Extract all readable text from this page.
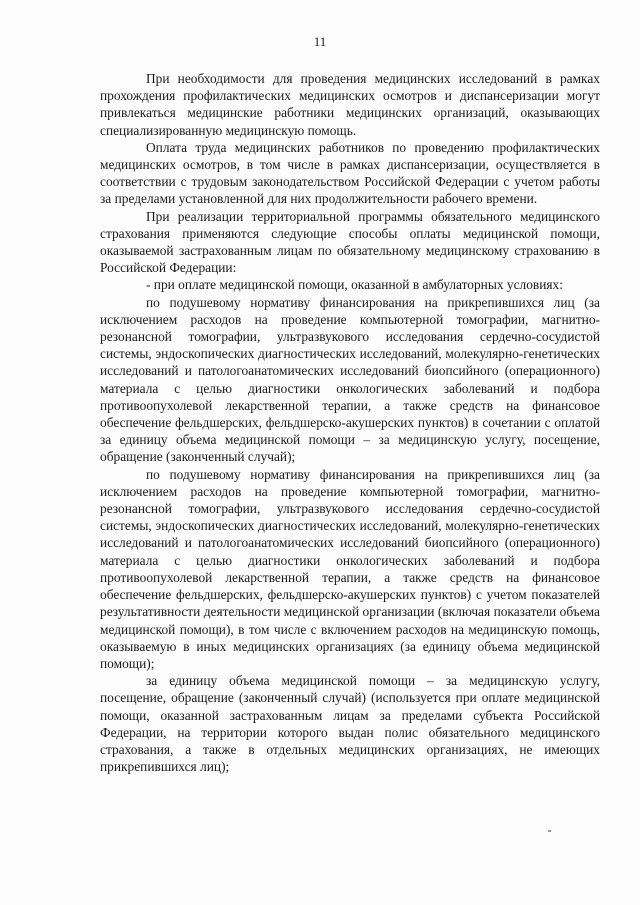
11

При необходимости для проведения медицинских исследований в рамках прохождения профилактических медицинских осмотров и диспансеризации могут привлекаться медицинские работники медицинских организаций, оказывающих специализированную медицинскую помощь.

Оплата труда медицинских работников по проведению профилактических медицинских осмотров, в том числе в рамках диспансеризации, осуществляется в соответствии с трудовым законодательством Российской Федерации с учетом работы за пределами установленной для них продолжительности рабочего времени.

При реализации территориальной программы обязательного медицинского страхования применяются следующие способы оплаты медицинской помощи, оказываемой застрахованным лицам по обязательному медицинскому страхованию в Российской Федерации:

- при оплате медицинской помощи, оказанной в амбулаторных условиях:

по подушевому нормативу финансирования на прикрепившихся лиц (за исключением расходов на проведение компьютерной томографии, магнитно-резонансной томографии, ультразвукового исследования сердечно-сосудистой системы, эндоскопических диагностических исследований, молекулярно-генетических исследований и патологоанатомических исследований биопсийного (операционного) материала с целью диагностики онкологических заболеваний и подбора противоопухолевой лекарственной терапии, а также средств на финансовое обеспечение фельдшерских, фельдшерско-акушерских пунктов) в сочетании с оплатой за единицу объема медицинской помощи – за медицинскую услугу, посещение, обращение (законченный случай);

по подушевому нормативу финансирования на прикрепившихся лиц (за исключением расходов на проведение компьютерной томографии, магнитно-резонансной томографии, ультразвукового исследования сердечно-сосудистой системы, эндоскопических диагностических исследований, молекулярно-генетических исследований и патологоанатомических исследований биопсийного (операционного) материала с целью диагностики онкологических заболеваний и подбора противоопухолевой лекарственной терапии, а также средств на финансовое обеспечение фельдшерских, фельдшерско-акушерских пунктов) с учетом показателей результативности деятельности медицинской организации (включая показатели объема медицинской помощи), в том числе с включением расходов на медицинскую помощь, оказываемую в иных медицинских организациях (за единицу объема медицинской помощи);

за единицу объема медицинской помощи – за медицинскую услугу, посещение, обращение (законченный случай) (используется при оплате медицинской помощи, оказанной застрахованным лицам за пределами субъекта Российской Федерации, на территории которого выдан полис обязательного медицинского страхования, а также в отдельных медицинских организациях, не имеющих прикрепившихся лиц);
